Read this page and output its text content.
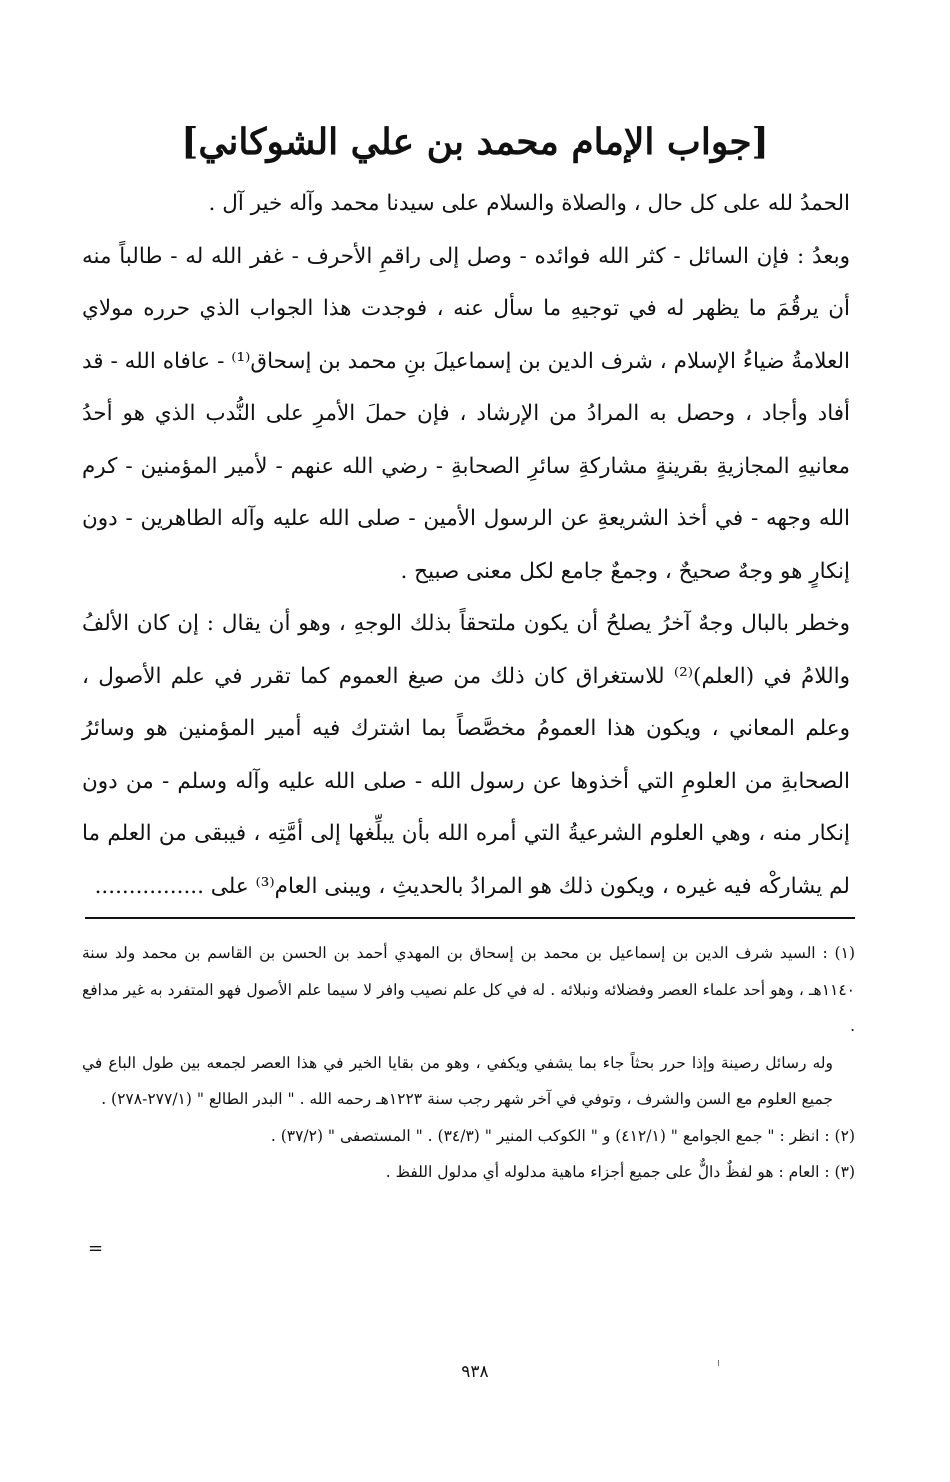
[جواب الإمام محمد بن علي الشوكاني]

الحمدُ لله على كل حال ، والصلاة والسلام على سيدنا محمد وآله خير آل .

وبعدُ : فإن السائل - كثر الله فوائده - وصل إلى راقمِ الأحرف - غفر الله له - طالباً منه أن يرقُمَ ما يظهر له في توجيهِ ما سأل عنه ، فوجدت هذا الجواب الذي حرره مولاي العلامةُ ضياءُ الإسلام ، شرف الدين بن إسماعيلَ بنِ محمد بن إسحاق⁽¹⁾ - عافاه الله - قد أفاد وأجاد ، وحصل به المرادُ من الإرشاد ، فإن حملَ الأمرِ على النُّدب الذي هو أحدُ معانيهِ المجازيةِ بقرينةٍ مشاركةِ سائرِ الصحابةِ - رضي الله عنهم - لأمير المؤمنين - كرم الله وجهه - في أخذ الشريعةِ عن الرسول الأمين - صلى الله عليه وآله الطاهرين - دون إنكارٍ هو وجهٌ صحيحٌ ، وجمعٌ جامع لكل معنى صبيح .

وخطر بالبال وجهٌ آخرُ يصلحُ أن يكون ملتحقاً بذلك الوجهِ ، وهو أن يقال : إن كان الألفُ واللامُ في (العلم)⁽²⁾ للاستغراق كان ذلك من صيغ العموم كما تقرر في علم الأصول ، وعلم المعاني ، ويكون هذا العمومُ مخصَّصاً بما اشترك فيه أمير المؤمنين هو وسائرُ الصحابةِ من العلومِ التي أخذوها عن رسول الله - صلى الله عليه وآله وسلم - من دون إنكار منه ، وهي العلوم الشرعيةُ التي أمره الله بأن يبلِّغها إلى أمَّتِه ، فيبقى من العلم ما لم يشاركْه فيه غيره ، ويكون ذلك هو المرادُ بالحديثِ ، ويبنى العام⁽³⁾ على ................

(١) : السيد شرف الدين بن إسماعيل بن محمد بن إسحاق بن المهدي أحمد بن الحسن بن القاسم بن محمد ولد سنة ١١٤٠هـ ، وهو أحد علماء العصر وفضلائه ونبلائه . له في كل علم نصيب وافر لا سيما علم الأصول فهو المتفرد به غير مدافع .

وله رسائل رصينة وإذا حرر بحثاً جاء بما يشفي ويكفي ، وهو من بقايا الخير في هذا العصر لجمعه بين طول الباع في جميع العلوم مع السن والشرف ، وتوفي في آخر شهر رجب سنة ١٢٢٣هـ رحمه الله . " البدر الطالع " (٢٧٧/١-٢٧٨) .

(٢) : انظر : " جمع الجوامع " (٤١٢/١) و " الكوكب المنير " (٣٤/٣) . " المستصفى " (٣٧/٢) .

(٣) : العام : هو لفظٌ دالٌّ على جميع أجزاء ماهية مدلوله أي مدلول اللفظ .

=
٩٣٨
